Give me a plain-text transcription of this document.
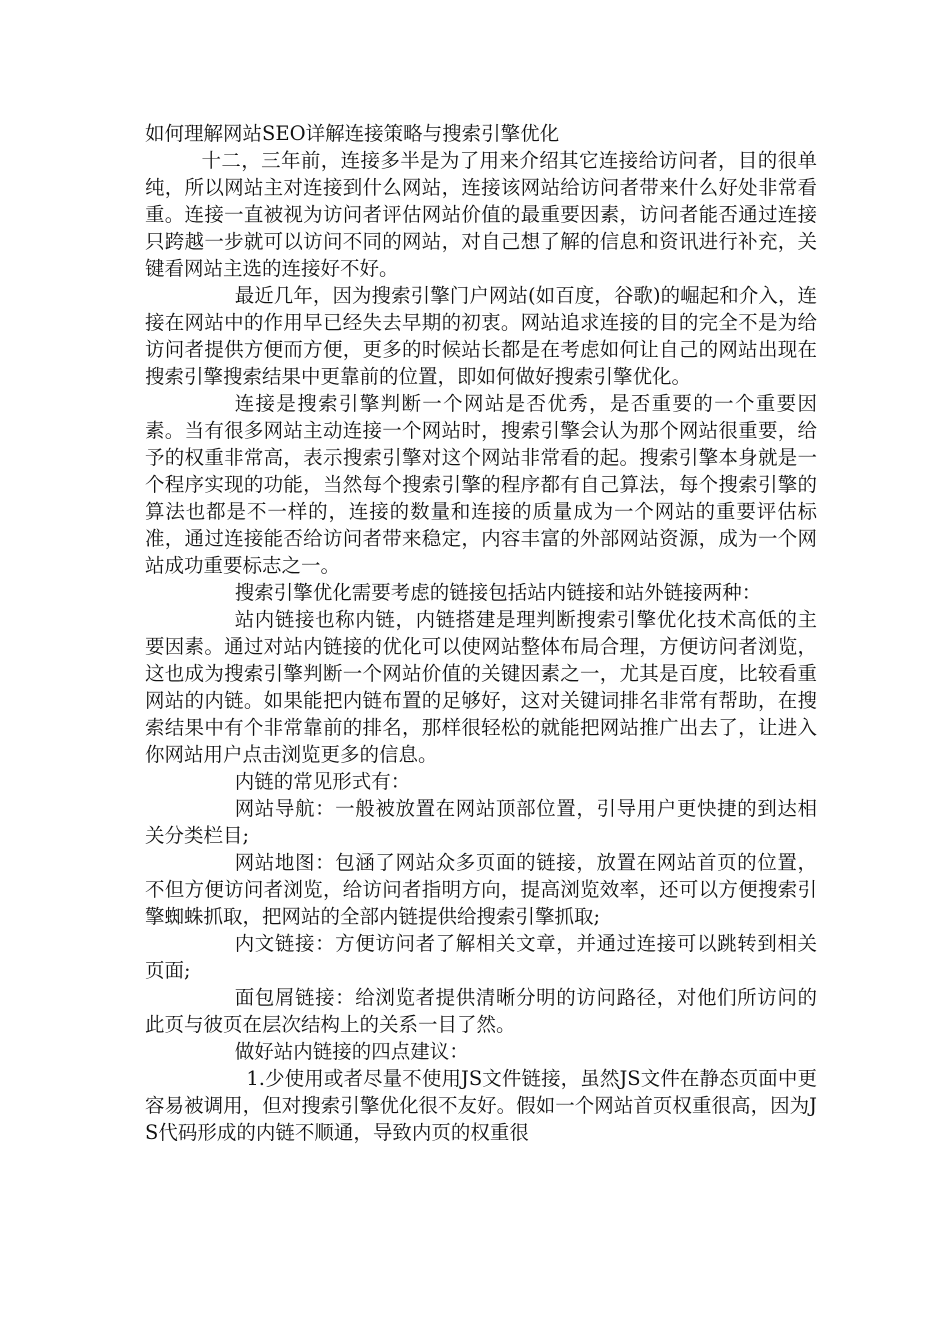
如何理解网站SEO详解连接策略与搜索引擎优化

十二，三年前，连接多半是为了用来介绍其它连接给访问者，目的很单纯，所以网站主对连接到什么网站，连接该网站给访问者带来什么好处非常看重。连接一直被视为访问者评估网站价值的最重要因素，访问者能否通过连接只跨越一步就可以访问不同的网站，对自己想了解的信息和资讯进行补充，关键看网站主选的连接好不好。

最近几年，因为搜索引擎门户网站(如百度，谷歌)的崛起和介入，连接在网站中的作用早已经失去早期的初衷。网站追求连接的目的完全不是为给访问者提供方便而方便，更多的时候站长都是在考虑如何让自己的网站出现在搜索引擎搜索结果中更靠前的位置，即如何做好搜索引擎优化。

连接是搜索引擎判断一个网站是否优秀，是否重要的一个重要因素。当有很多网站主动连接一个网站时，搜索引擎会认为那个网站很重要，给予的权重非常高，表示搜索引擎对这个网站非常看的起。搜索引擎本身就是一个程序实现的功能，当然每个搜索引擎的程序都有自己算法，每个搜索引擎的算法也都是不一样的，连接的数量和连接的质量成为一个网站的重要评估标准，通过连接能否给访问者带来稳定，内容丰富的外部网站资源，成为一个网站成功重要标志之一。

搜索引擎优化需要考虑的链接包括站内链接和站外链接两种：

站内链接也称内链，内链搭建是理判断搜索引擎优化技术高低的主要因素。通过对站内链接的优化可以使网站整体布局合理，方便访问者浏览，这也成为搜索引擎判断一个网站价值的关键因素之一，尤其是百度，比较看重网站的内链。如果能把内链布置的足够好，这对关键词排名非常有帮助，在搜索结果中有个非常靠前的排名，那样很轻松的就能把网站推广出去了，让进入你网站用户点击浏览更多的信息。

内链的常见形式有：

网站导航：一般被放置在网站顶部位置，引导用户更快捷的到达相关分类栏目;

网站地图：包涵了网站众多页面的链接，放置在网站首页的位置，不但方便访问者浏览，给访问者指明方向，提高浏览效率，还可以方便搜索引擎蜘蛛抓取，把网站的全部内链提供给搜索引擎抓取;

内文链接：方便访问者了解相关文章，并通过连接可以跳转到相关页面;

面包屑链接：给浏览者提供清晰分明的访问路径，对他们所访问的此页与彼页在层次结构上的关系一目了然。

做好站内链接的四点建议：

1.少使用或者尽量不使用JS文件链接，虽然JS文件在静态页面中更容易被调用，但对搜索引擎优化很不友好。假如一个网站首页权重很高，因为JS代码形成的内链不顺通，导致内页的权重很
